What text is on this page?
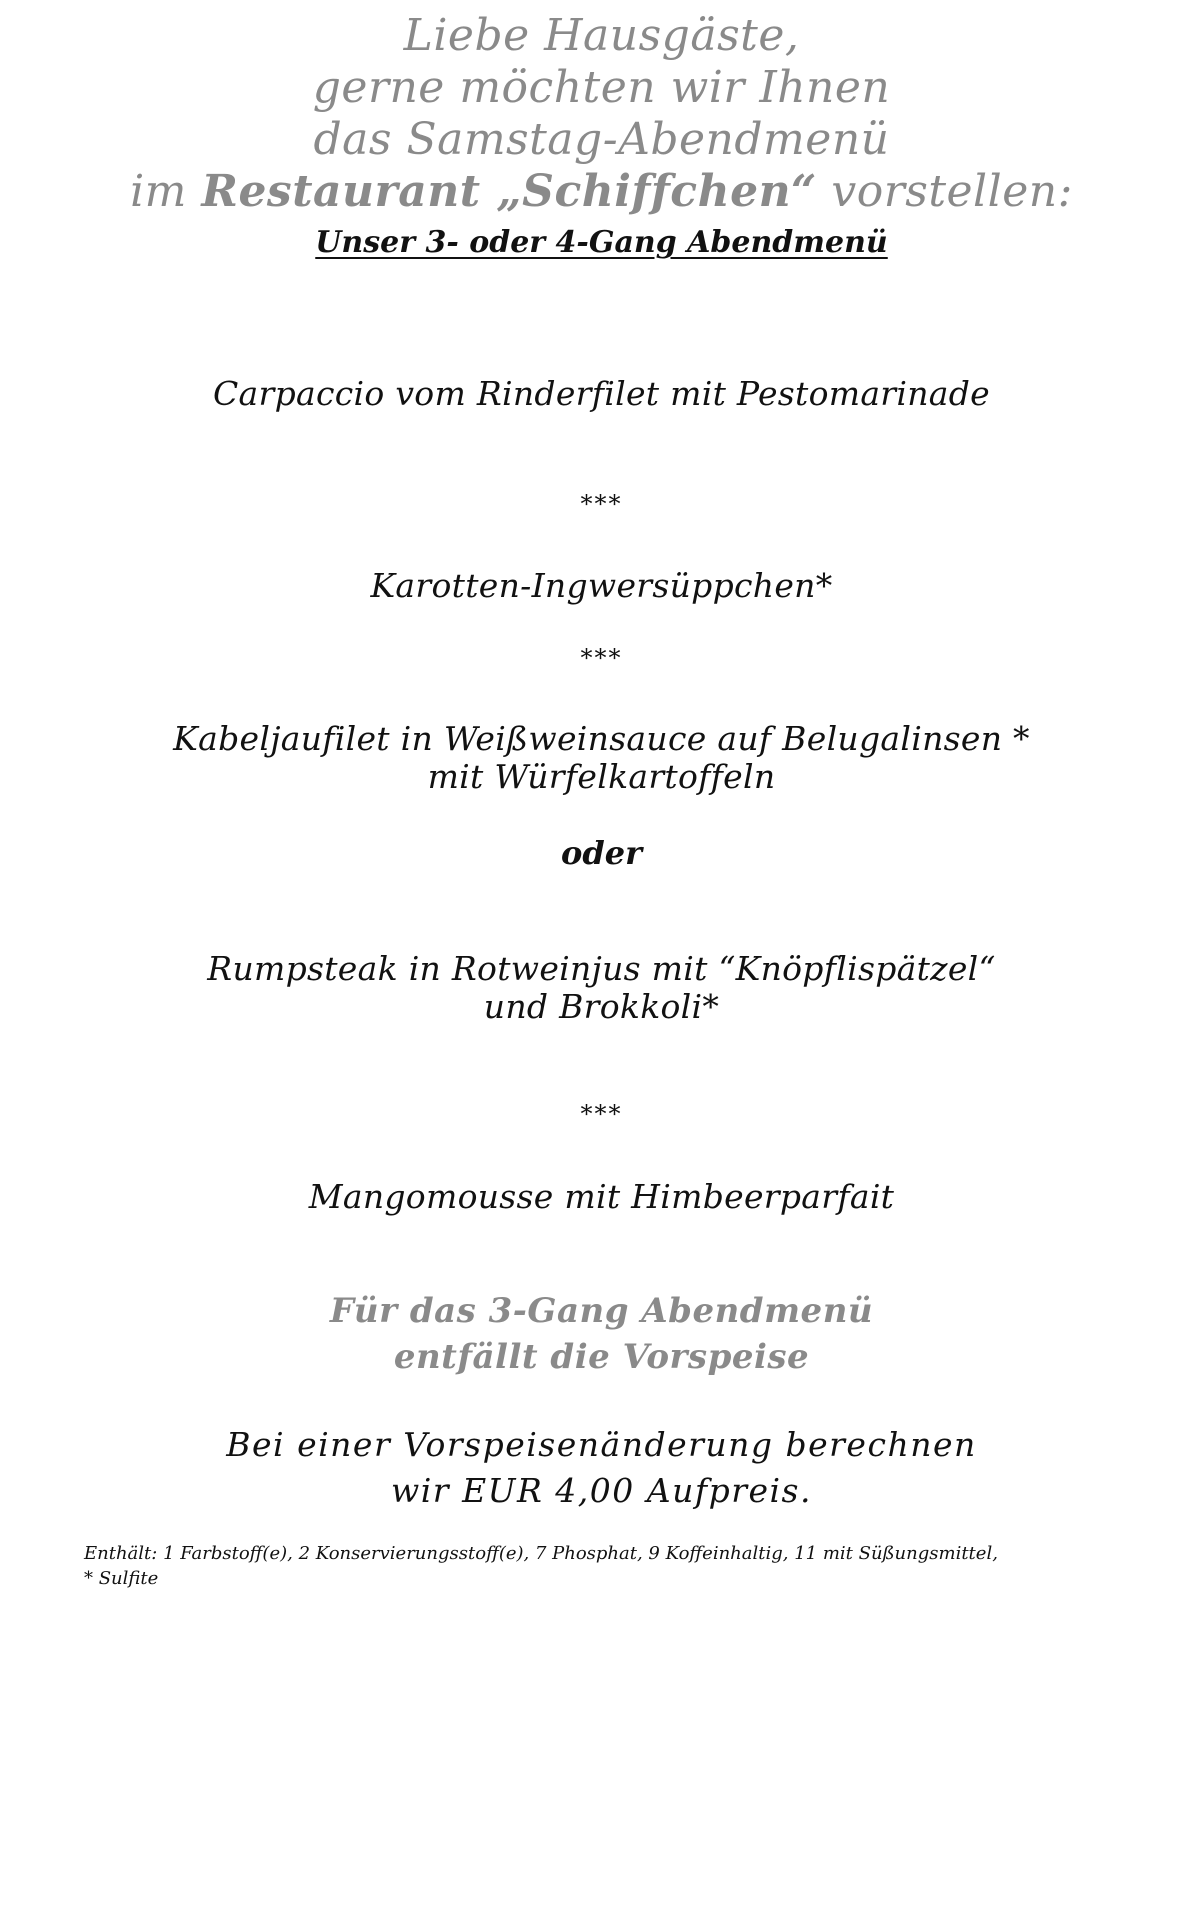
Liebe Hausgäste,
gerne möchten wir Ihnen
das Samstag-Abendmenü
im Restaurant „Schiffchen“ vorstellen:
Unser 3- oder 4-Gang Abendmenü
Carpaccio vom Rinderfilet mit Pestomarinade
***
Karotten-Ingwersüppchen*
***
Kabeljaufilet in Weißweinsauce auf Belugalinsen *
mit Würfelkartoffeln
oder
Rumpsteak in Rotweinjus mit “Knöpflispätzel“
und Brokkoli*
***
Mangomousse mit Himbeerparfait
Für das 3-Gang Abendmenü
entfällt die Vorspeise
Bei einer Vorspeisenänderung berechnen
wir EUR 4,00 Aufpreis.
Enthält: 1 Farbstoff(e), 2 Konservierungsstoff(e), 7 Phosphat, 9 Koffeinhaltig, 11 mit Süßungsmittel,
* Sulfite
